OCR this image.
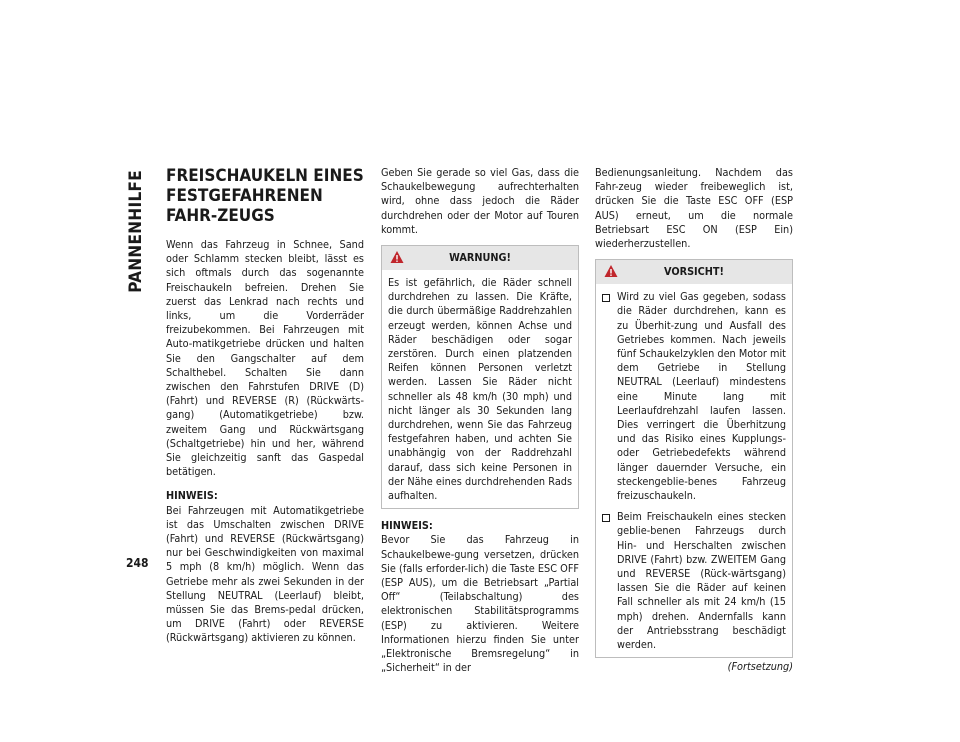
PANNENHILFE
248
FREISCHAUKELN EINES FESTGEFAHRENEN FAHR-ZEUGS

Wenn das Fahrzeug in Schnee, Sand oder Schlamm stecken bleibt, lässt es sich oftmals durch das sogenannte Freischaukeln befreien. Drehen Sie zuerst das Lenkrad nach rechts und links, um die Vorderräder freizubekommen. Bei Fahrzeugen mit Auto-matikgetriebe drücken und halten Sie den Gangschalter auf dem Schalthebel. Schalten Sie dann zwischen den Fahrstufen DRIVE (D) (Fahrt) und REVERSE (R) (Rückwärts-gang) (Automatikgetriebe) bzw. zweitem Gang und Rückwärtsgang (Schaltgetriebe) hin und her, während Sie gleichzeitig sanft das Gaspedal betätigen.

HINWEIS:

Bei Fahrzeugen mit Automatikgetriebe ist das Umschalten zwischen DRIVE (Fahrt) und REVERSE (Rückwärtsgang) nur bei Geschwindigkeiten von maximal 5 mph (8 km/h) möglich. Wenn das Getriebe mehr als zwei Sekunden in der Stellung NEUTRAL (Leerlauf) bleibt, müssen Sie das Brems-pedal drücken, um DRIVE (Fahrt) oder REVERSE (Rückwärtsgang) aktivieren zu können.

Geben Sie gerade so viel Gas, dass die Schaukelbewegung aufrechterhalten wird, ohne dass jedoch die Räder durchdrehen oder der Motor auf Touren kommt.

WARNUNG!

Es ist gefährlich, die Räder schnell durchdrehen zu lassen. Die Kräfte, die durch übermäßige Raddrehzahlen erzeugt werden, können Achse und Räder beschädigen oder sogar zerstören. Durch einen platzenden Reifen können Personen verletzt werden. Lassen Sie Räder nicht schneller als 48 km/h (30 mph) und nicht länger als 30 Sekunden lang durchdrehen, wenn Sie das Fahrzeug festgefahren haben, und achten Sie unabhängig von der Raddrehzahl darauf, dass sich keine Personen in der Nähe eines durchdrehenden Rads aufhalten.

HINWEIS:

Bevor Sie das Fahrzeug in Schaukelbewe-gung versetzen, drücken Sie (falls erforder-lich) die Taste ESC OFF (ESP AUS), um die Betriebsart „Partial Off“ (Teilabschaltung) des elektronischen Stabilitätsprogramms (ESP) zu aktivieren. Weitere Informationen hierzu finden Sie unter „Elektronische Bremsregelung“ in „Sicherheit“ in der

Bedienungsanleitung. Nachdem das Fahr-zeug wieder freibeweglich ist, drücken Sie die Taste ESC OFF (ESP AUS) erneut, um die normale Betriebsart ESC ON (ESP Ein) wiederherzustellen.

VORSICHT!
Wird zu viel Gas gegeben, sodass die Räder durchdrehen, kann es zu Überhit-zung und Ausfall des Getriebes kommen. Nach jeweils fünf Schaukelzyklen den Motor mit dem Getriebe in Stellung NEUTRAL (Leerlauf) mindestens eine Minute lang mit Leerlaufdrehzahl laufen lassen. Dies verringert die Überhitzung und das Risiko eines Kupplungs- oder Getriebedefekts während länger dauernder Versuche, ein steckengeblie-benes Fahrzeug freizuschaukeln.
Beim Freischaukeln eines stecken geblie-benen Fahrzeugs durch Hin- und Herschalten zwischen DRIVE (Fahrt) bzw. ZWEITEM Gang und REVERSE (Rück-wärtsgang) lassen Sie die Räder auf keinen Fall schneller als mit 24 km/h (15 mph) drehen. Andernfalls kann der Antriebsstrang beschädigt werden.
(Fortsetzung)
